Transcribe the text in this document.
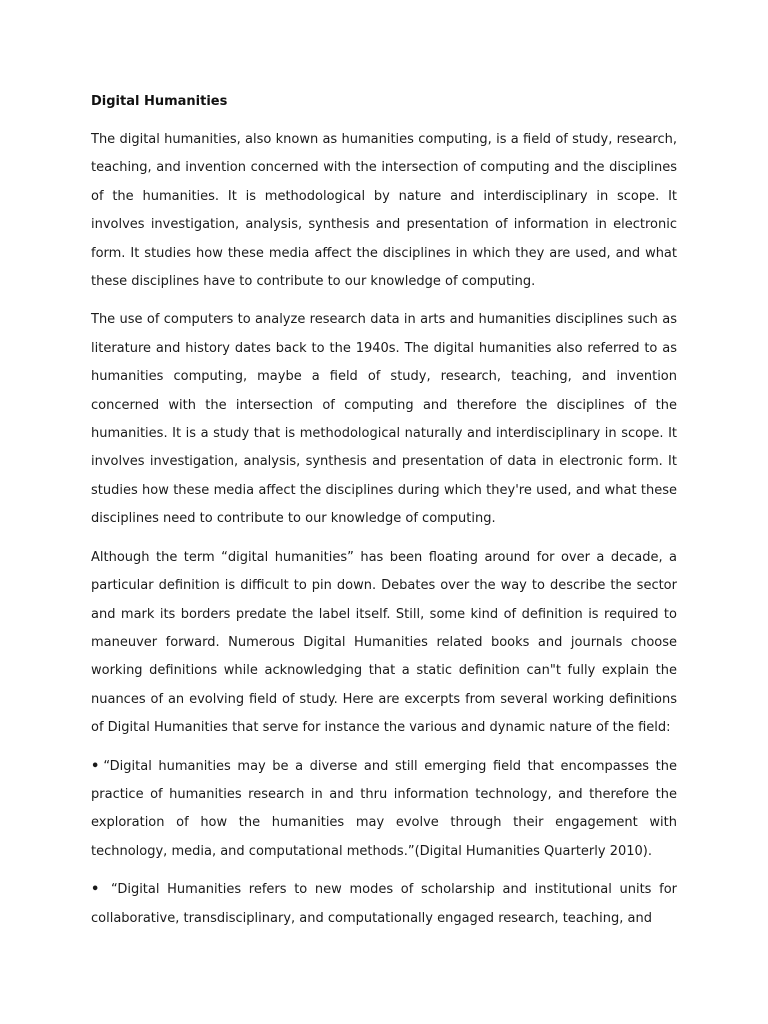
Digital Humanities

The digital humanities, also known as humanities computing, is a field of study, research, teaching, and invention concerned with the intersection of computing and the disciplines of the humanities. It is methodological by nature and interdisciplinary in scope. It involves investigation, analysis, synthesis and presentation of information in electronic form. It studies how these media affect the disciplines in which they are used, and what these disciplines have to contribute to our knowledge of computing.

The use of computers to analyze research data in arts and humanities disciplines such as literature and history dates back to the 1940s. The digital humanities also referred to as humanities computing, maybe a field of study, research, teaching, and invention concerned with the intersection of computing and therefore the disciplines of the humanities. It is a study that is methodological naturally and interdisciplinary in scope. It involves investigation, analysis, synthesis and presentation of data in electronic form. It studies how these media affect the disciplines during which they're used, and what these disciplines need to contribute to our knowledge of computing.

Although the term “digital humanities” has been floating around for over a decade, a particular definition is difficult to pin down. Debates over the way to describe the sector and mark its borders predate the label itself. Still, some kind of definition is required to maneuver forward. Numerous Digital Humanities related books and journals choose working definitions while acknowledging that a static definition can"t fully explain the nuances of an evolving field of study. Here are excerpts from several working definitions of Digital Humanities that serve for instance the various and dynamic nature of the field:

• “Digital humanities may be a diverse and still emerging field that encompasses the practice of humanities research in and thru information technology, and therefore the exploration of how the humanities may evolve through their engagement with technology, media, and computational methods.”(Digital Humanities Quarterly 2010).

• “Digital Humanities refers to new modes of scholarship and institutional units for collaborative, transdisciplinary, and computationally engaged research, teaching, and
